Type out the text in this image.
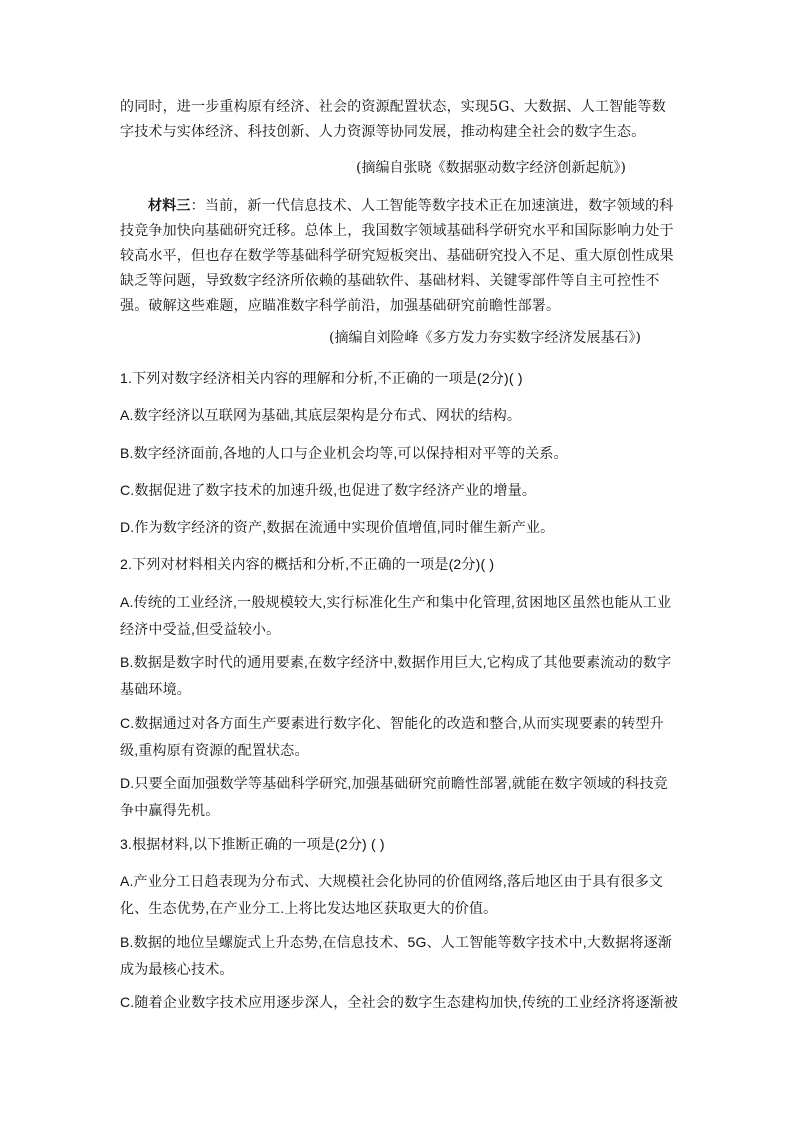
的同时，进一步重构原有经济、社会的资源配置状态，实现5G、大数据、人工智能等数字技术与实体经济、科技创新、人力资源等协同发展，推动构建全社会的数字生态。

(摘编自张晓《数据驱动数字经济创新起航》)

材料三：当前，新一代信息技术、人工智能等数字技术正在加速演进，数字领域的科技竞争加快向基础研究迁移。总体上，我国数字领域基础科学研究水平和国际影响力处于较高水平，但也存在数学等基础科学研究短板突出、基础研究投入不足、重大原创性成果缺乏等问题，导致数字经济所依赖的基础软件、基础材料、关键零部件等自主可控性不强。破解这些难题，应瞄准数字科学前沿，加强基础研究前瞻性部署。

(摘编自刘险峰《多方发力夯实数字经济发展基石》)

1.下列对数字经济相关内容的理解和分析,不正确的一项是(2分)( )

A.数字经济以互联网为基础,其底层架构是分布式、网状的结构。

B.数字经济面前,各地的人口与企业机会均等,可以保持相对平等的关系。

C.数据促进了数字技术的加速升级,也促进了数字经济产业的增量。

D.作为数字经济的资产,数据在流通中实现价值增值,同时催生新产业。

2.下列对材料相关内容的概括和分析,不正确的一项是(2分)( )

A.传统的工业经济,一般规模较大,实行标准化生产和集中化管理,贫困地区虽然也能从工业经济中受益,但受益较小。

B.数据是数字时代的通用要素,在数字经济中,数据作用巨大,它构成了其他要素流动的数字基础环境。

C.数据通过对各方面生产要素进行数字化、智能化的改造和整合,从而实现要素的转型升级,重构原有资源的配置状态。

D.只要全面加强数学等基础科学研究,加强基础研究前瞻性部署,就能在数字领域的科技竞争中赢得先机。

3.根据材料,以下推断正确的一项是(2分) ( )

A.产业分工日趋表现为分布式、大规模社会化协同的价值网络,落后地区由于具有很多文化、生态优势,在产业分工.上将比发达地区获取更大的价值。

B.数据的地位呈螺旋式上升态势,在信息技术、5G、人工智能等数字技术中,大数据将逐渐成为最核心技术。

C.随着企业数字技术应用逐步深人，全社会的数字生态建构加快,传统的工业经济将逐渐被
